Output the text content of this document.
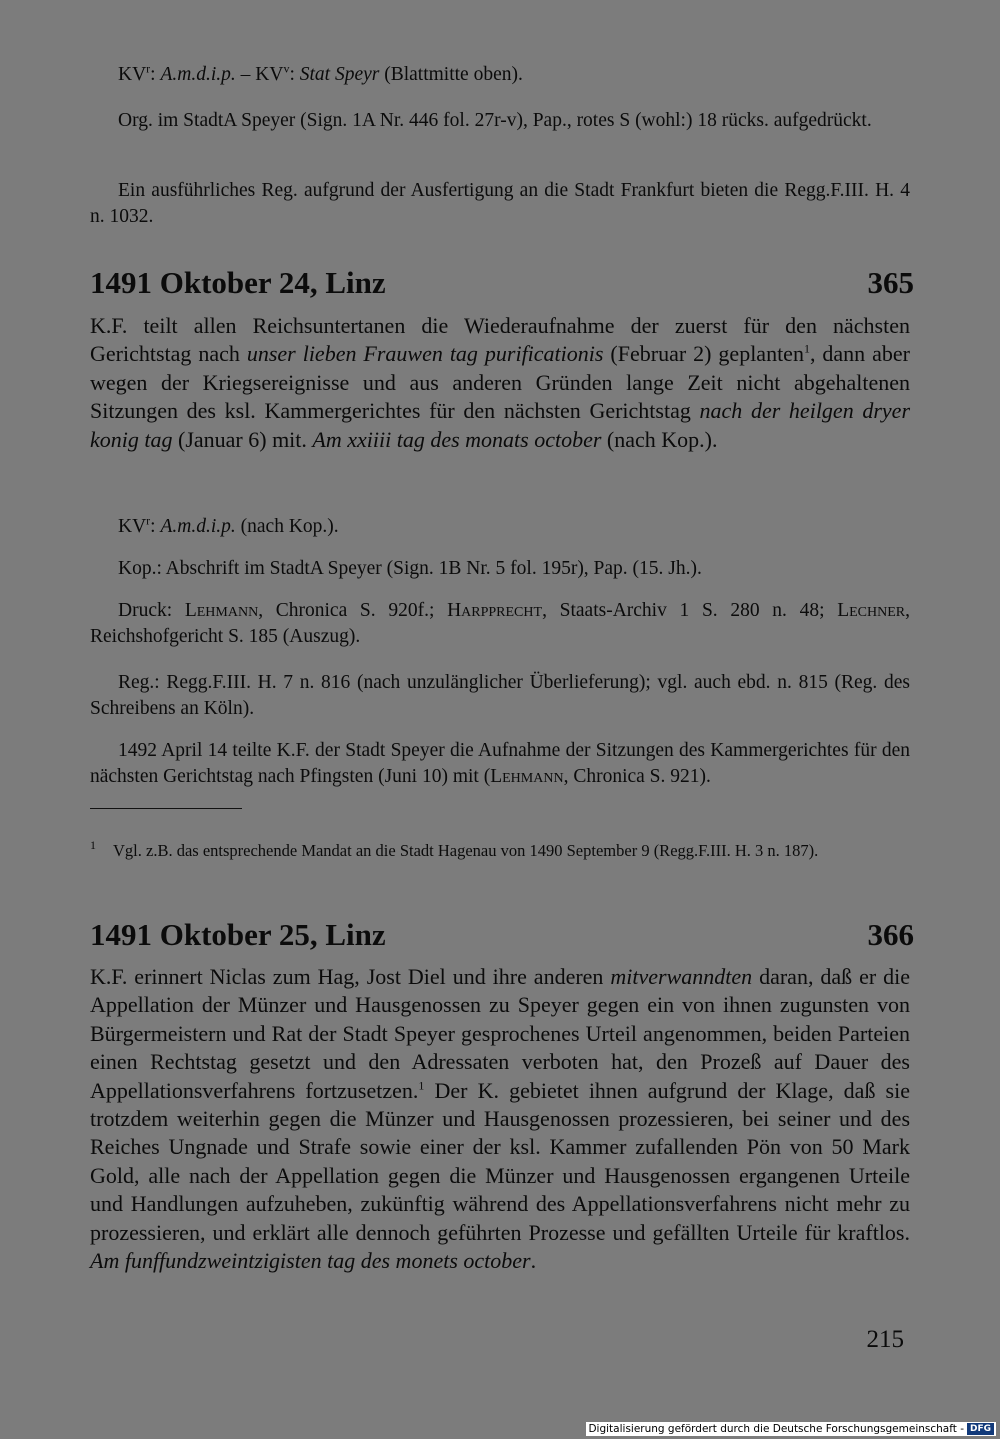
$KV^r$: A.m.d.i.p. – $KV^v$: Stat Speyr (Blattmitte oben).

Org. im StadtA Speyer (Sign. 1A Nr. 446 fol. 27r-v), Pap., rotes S (wohl:) 18 rücks. aufgedrückt.

Ein ausführliches Reg. aufgrund der Ausfertigung an die Stadt Frankfurt bieten die Regg.F.III. H. 4 n. 1032.

1491 Oktober 24, Linz	365

K.F. teilt allen Reichsuntertanen die Wiederaufnahme der zuerst für den nächsten Gerichtstag nach unser lieben Frauwen tag purificationis (Februar 2) geplanten$^1$, dann aber wegen der Kriegsereignisse und aus anderen Gründen lange Zeit nicht abgehaltenen Sitzungen des ksl. Kammergerichtes für den nächsten Gerichtstag nach der heilgen dryer konig tag (Januar 6) mit. Am xxiiii tag des monats october (nach Kop.).

$KV^r$: A.m.d.i.p. (nach Kop.).

Kop.: Abschrift im StadtA Speyer (Sign. 1B Nr. 5 fol. 195r), Pap. (15. Jh.).

Druck: Lehmann, Chronica S. 920f.; Harpprecht, Staats-Archiv 1 S. 280 n. 48; Lechner, Reichshofgericht S. 185 (Auszug).

Reg.: Regg.F.III. H. 7 n. 816 (nach unzulänglicher Überlieferung); vgl. auch ebd. n. 815 (Reg. des Schreibens an Köln).

1492 April 14 teilte K.F. der Stadt Speyer die Aufnahme der Sitzungen des Kammergerichtes für den nächsten Gerichtstag nach Pfingsten (Juni 10) mit (Lehmann, Chronica S. 921).

1 Vgl. z.B. das entsprechende Mandat an die Stadt Hagenau von 1490 September 9 (Regg.F.III. H. 3 n. 187).

1491 Oktober 25, Linz	366

K.F. erinnert Niclas zum Hag, Jost Diel und ihre anderen mitverwanndten daran, daß er die Appellation der Münzer und Hausgenossen zu Speyer gegen ein von ihnen zugunsten von Bürgermeistern und Rat der Stadt Speyer gesprochenes Urteil angenommen, beiden Parteien einen Rechtstag gesetzt und den Adressaten verboten hat, den Prozeß auf Dauer des Appellationsverfahrens fortzusetzen.$^1$ Der K. gebietet ihnen aufgrund der Klage, daß sie trotzdem weiterhin gegen die Münzer und Hausgenossen prozessieren, bei seiner und des Reiches Ungnade und Strafe sowie einer der ksl. Kammer zufallenden Pön von 50 Mark Gold, alle nach der Appellation gegen die Münzer und Hausgenossen ergangenen Urteile und Handlungen aufzuheben, zukünftig während des Appellationsverfahrens nicht mehr zu prozessieren, und erklärt alle dennoch geführten Prozesse und gefällten Urteile für kraftlos. Am funffundzweintzigisten tag des monets october.

215
Digitalisierung gefördert durch die Deutsche Forschungsgemeinschaft - DFG
